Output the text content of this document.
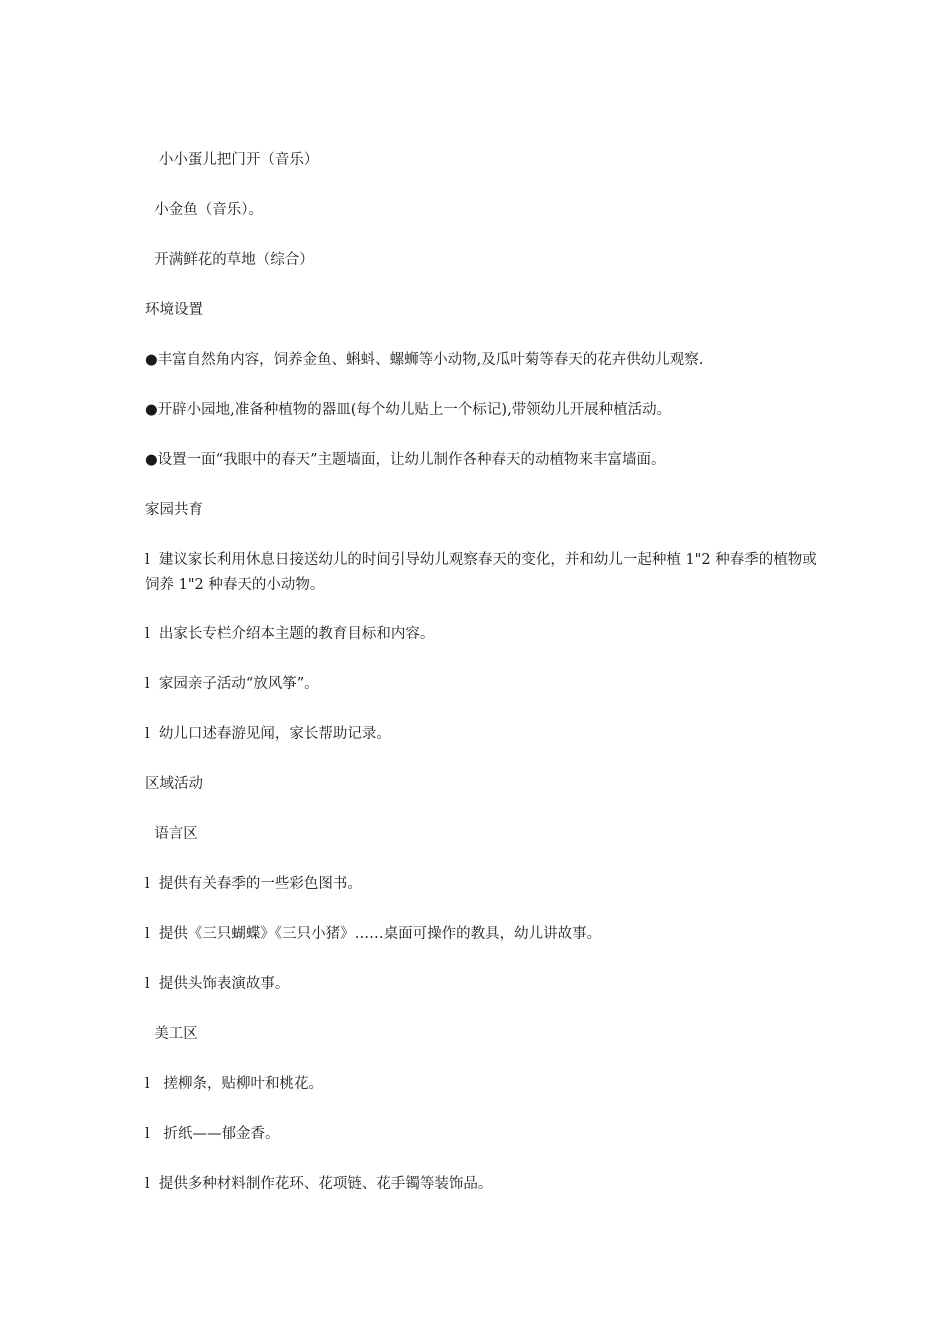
小小蛋儿把门开（音乐）
小金鱼（音乐）。
开满鲜花的草地（综合）
环境设置
●丰富自然角内容，饲养金鱼、蝌蚪、螺蛳等小动物,及瓜叶菊等春天的花卉供幼儿观察.
●开辟小园地,准备种植物的器皿(每个幼儿贴上一个标记),带领幼儿开展种植活动。
●设置一面“我眼中的春天”主题墙面，让幼儿制作各种春天的动植物来丰富墙面。
家园共育
l  建议家长利用休息日接送幼儿的时间引导幼儿观察春天的变化，并和幼儿一起种植 1"2 种春季的植物或饲养 1"2 种春天的小动物。
l  出家长专栏介绍本主题的教育目标和内容。
l  家园亲子活动“放风筝”。
l  幼儿口述春游见闻，家长帮助记录。
区域活动
语言区
l  提供有关春季的一些彩色图书。
l  提供《三只蝴蝶》《三只小猪》……桌面可操作的教具，幼儿讲故事。
l  提供头饰表演故事。
美工区
l   搓柳条，贴柳叶和桃花。
l   折纸——郁金香。
l  提供多种材料制作花环、花项链、花手镯等装饰品。
